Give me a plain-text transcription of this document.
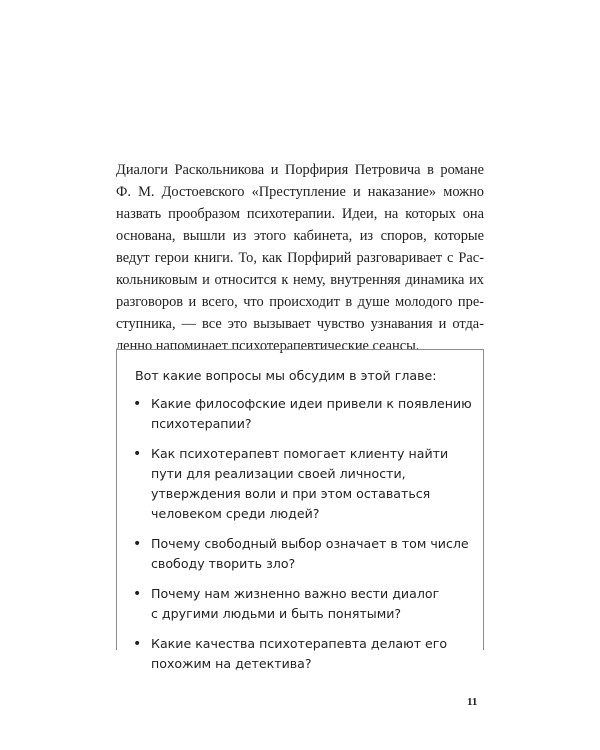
Диалоги Раскольникова и Порфирия Петровича в романе
Ф. М. Достоевского «Преступление и наказание» можно
назвать прообразом психотерапии. Идеи, на которых она
основана, вышли из этого кабинета, из споров, которые
ведут герои книги. То, как Порфирий разговаривает с Рас-
кольниковым и относится к нему, внутренняя динамика их
разговоров и всего, что происходит в душе молодого пре-
ступника, — все это вызывает чувство узнавания и отда-
ленно напоминает психотерапевтические сеансы.

Вот какие вопросы мы обсудим в этой главе:
• Какие философские идеи привели к появлению
психотерапии?
• Как психотерапевт помогает клиенту найти
пути для реализации своей личности,
утверждения воли и при этом оставаться
человеком среди людей?
• Почему свободный выбор означает в том числе
свободу творить зло?
• Почему нам жизненно важно вести диалог
с другими людьми и быть понятыми?
• Какие качества психотерапевта делают его
похожим на детектива?
11
